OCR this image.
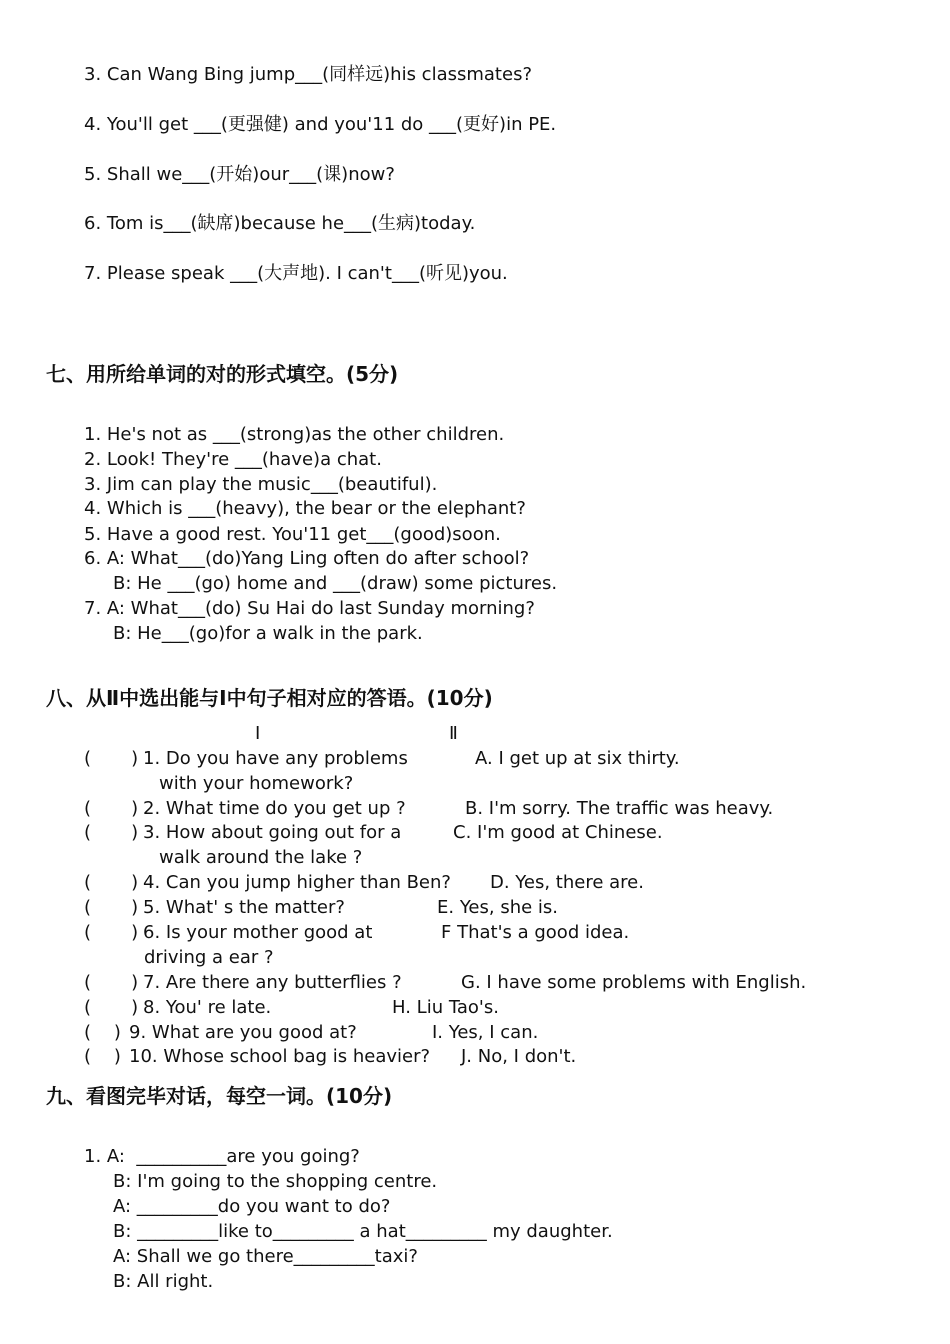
3. Can Wang Bing jump___(同样远)his classmates?
4. You'll get ___(更强健) and you'11 do ___(更好)in PE.
5. Shall we___(开始)our___(课)now?
6. Tom is___(缺席)because he___(生病)today.
7. Please speak ___(大声地). I can't___(听见)you.
七、用所给单词的对的形式填空。(5分)
1. He's not as ___(strong)as the other children.
2. Look! They're ___(have)a chat.
3. Jim can play the music___(beautiful).
4. Which is ___(heavy), the bear or the elephant?
5. Have a good rest. You'11 get___(good)soon.
6. A: What___(do)Yang Ling often do after school?
B: He ___(go) home and ___(draw) some pictures.
7. A: What___(do) Su Hai do last Sunday morning?
B: He___(go)for a walk in the park.
八、从Ⅱ中选出能与Ⅰ中句子相对应的答语。(10分)
I	Ⅱ
(       ) 1. Do you have any problems	A. I get up at six thirty.
with your homework?
(       ) 2. What time do you get up ?	B. I'm sorry. The traffic was heavy.
(       ) 3. How about going out for a	C. I'm good at Chinese.
walk around the lake ?
(       ) 4. Can you jump higher than Ben? D. Yes, there are.
(       ) 5. What' s the matter?	E. Yes, she is.
(       ) 6. Is your mother good at	F That's a good idea.
driving a ear ?
(       ) 7. Are there any butterflies ?	G. I have some problems with English.
(       ) 8. You' re late.	H. Liu Tao's.
(    ) 9. What are you good at?	I. Yes, I can.
(    ) 10. Whose school bag is heavier? J. No, I don't.
九、看图完毕对话，每空一词。(10分)
1. A:  __________are you going?
B: I'm going to the shopping centre.
A: _________do you want to do?
B: _________like to_________ a hat_________ my daughter.
A: Shall we go there_________taxi?
B: All right.
